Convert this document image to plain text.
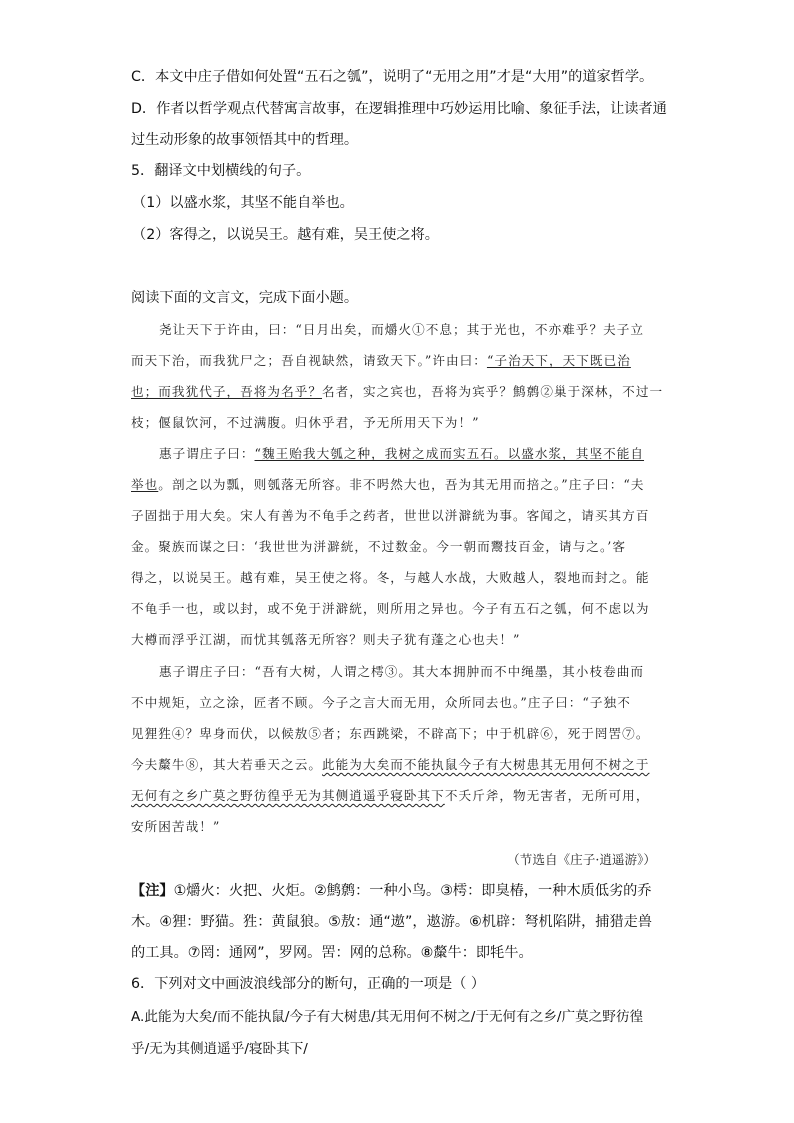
C．本文中庄子借如何处置“五石之瓠”，说明了“无用之用”才是“大用”的道家哲学。
D．作者以哲学观点代替寓言故事，在逻辑推理中巧妙运用比喻、象征手法，让读者通
过生动形象的故事领悟其中的哲理。
5．翻译文中划横线的句子。
（1）以盛水浆，其坚不能自举也。
（2）客得之，以说吴王。越有难，吴王使之将。
阅读下面的文言文，完成下面小题。
尧让天下于许由，曰：“日月出矣，而爝火①不息；其于光也，不亦难乎？夫子立
而天下治，而我犹尸之；吾自视缺然，请致天下。”许由曰：“子治天下，天下既已治
也；而我犹代子，吾将为名乎？名者，实之宾也，吾将为宾乎？鹪鹩②巢于深林，不过一
枝；偃鼠饮河，不过满腹。归休乎君，予无所用天下为！”
惠子谓庄子曰：“魏王贻我大瓠之种，我树之成而实五石。以盛水浆，其坚不能自
举也。剖之以为瓢，则瓠落无所容。非不呺然大也，吾为其无用而掊之。”庄子曰：“夫
子固拙于用大矣。宋人有善为不龟手之药者，世世以洴澼絖为事。客闻之，请买其方百
金。聚族而谋之曰：‘我世世为洴澼絖，不过数金。今一朝而鬻技百金，请与之。’客
得之，以说吴王。越有难，吴王使之将。冬，与越人水战，大败越人，裂地而封之。能
不龟手一也，或以封，或不免于洴澼絖，则所用之异也。今子有五石之瓠，何不虑以为
大樽而浮乎江湖，而忧其瓠落无所容？则夫子犹有蓬之心也夫！”
惠子谓庄子曰：“吾有大树，人谓之樗③。其大本拥肿而不中绳墨，其小枝卷曲而
不中规矩，立之涂，匠者不顾。今子之言大而无用，众所同去也。”庄子曰：“子独不
见狸狌④？卑身而伏，以候敖⑤者；东西跳梁，不辟高下；中于机辟⑥，死于罔罟⑦。
今夫斄牛⑧，其大若垂天之云。此能为大矣而不能执鼠今子有大树患其无用何不树之于
无何有之乡广莫之野彷徨乎无为其侧逍遥乎寝卧其下不夭斤斧，物无害者，无所可用，
安所困苦哉！”
（节选自《庄子·逍遥游》）
【注】①爝火：火把、火炬。②鹪鹩：一种小鸟。③樗：即臭椿，一种木质低劣的乔
木。④狸：野猫。狌：黄鼠狼。⑤敖：通“遨”，遨游。⑥机辟：弩机陷阱，捕猎走兽
的工具。⑦罔：通网”，罗网。罟：网的总称。⑧斄牛：即牦牛。
6．下列对文中画波浪线部分的断句，正确的一项是（ ）
A.此能为大矣/而不能执鼠/今子有大树患/其无用何不树之/于无何有之乡/广莫之野彷徨
乎/无为其侧逍遥乎/寝卧其下/
